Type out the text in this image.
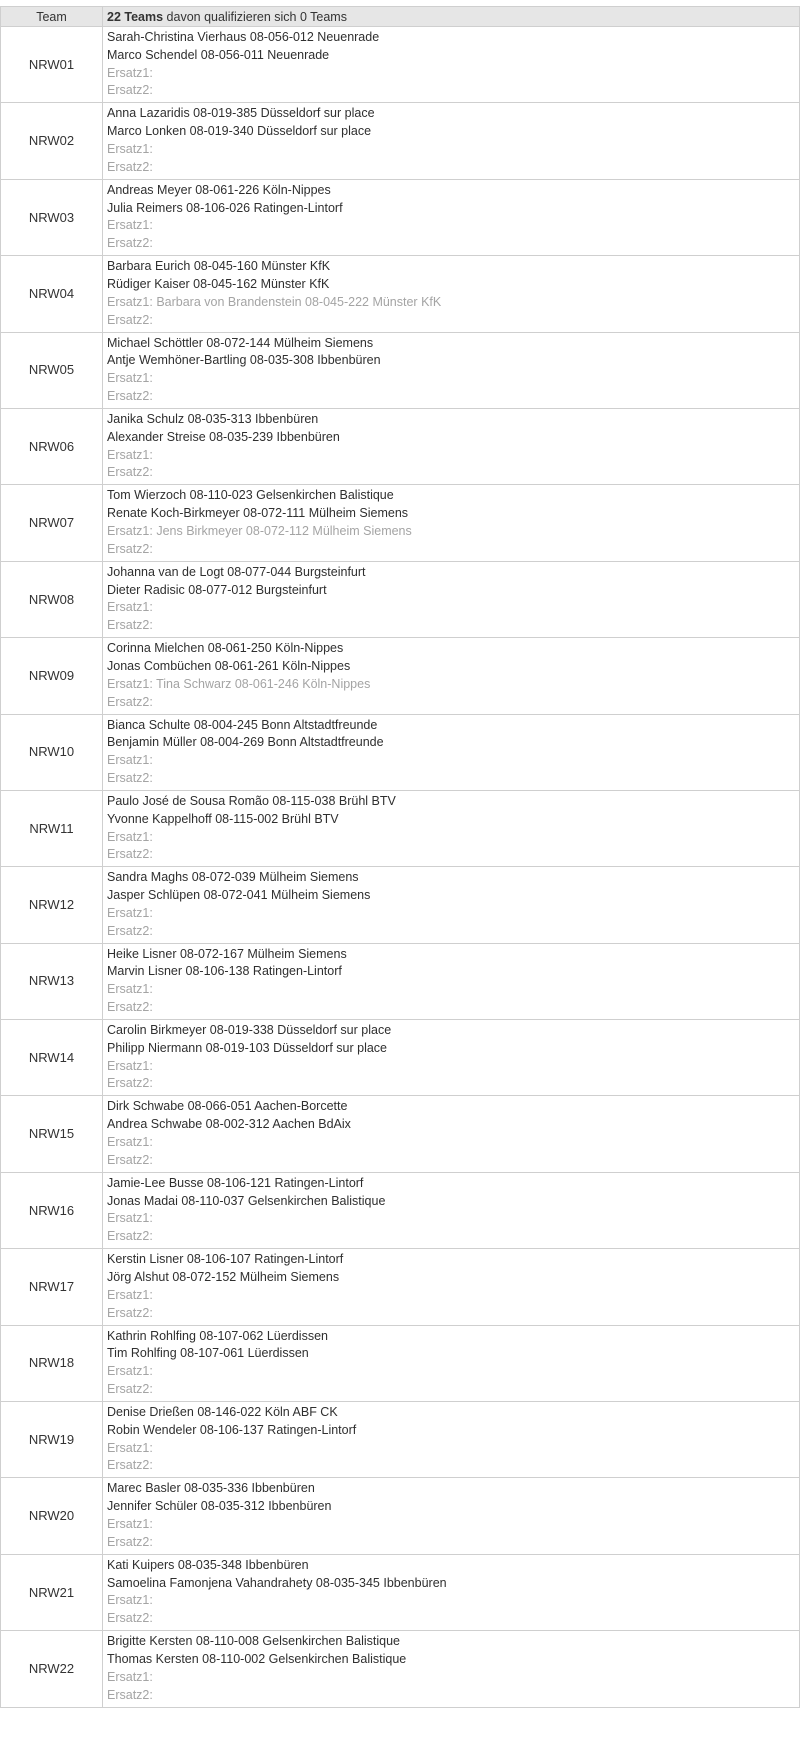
Team	22 Teams davon qualifizieren sich 0 Teams
NRW01	Sarah-Christina Vierhaus 08-056-012 Neuenrade
Marco Schendel 08-056-011 Neuenrade
Ersatz1:
Ersatz2:

NRW02	Anna Lazaridis 08-019-385 Düsseldorf sur place
Marco Lonken 08-019-340 Düsseldorf sur place
Ersatz1:
Ersatz2:

NRW03	Andreas Meyer 08-061-226 Köln-Nippes
Julia Reimers 08-106-026 Ratingen-Lintorf
Ersatz1:
Ersatz2:

NRW04	Barbara Eurich 08-045-160 Münster KfK
Rüdiger Kaiser 08-045-162 Münster KfK
Ersatz1: Barbara von Brandenstein 08-045-222 Münster KfK
Ersatz2:

NRW05	Michael Schöttler 08-072-144 Mülheim Siemens
Antje Wemhöner-Bartling 08-035-308 Ibbenbüren
Ersatz1:
Ersatz2:

NRW06	Janika Schulz 08-035-313 Ibbenbüren
Alexander Streise 08-035-239 Ibbenbüren
Ersatz1:
Ersatz2:

NRW07	Tom Wierzoch 08-110-023 Gelsenkirchen Balistique
Renate Koch-Birkmeyer 08-072-111 Mülheim Siemens
Ersatz1: Jens Birkmeyer 08-072-112 Mülheim Siemens
Ersatz2:

NRW08	Johanna van de Logt 08-077-044 Burgsteinfurt
Dieter Radisic 08-077-012 Burgsteinfurt
Ersatz1:
Ersatz2:

NRW09	Corinna Mielchen 08-061-250 Köln-Nippes
Jonas Combüchen 08-061-261 Köln-Nippes
Ersatz1: Tina Schwarz 08-061-246 Köln-Nippes
Ersatz2:

NRW10	Bianca Schulte 08-004-245 Bonn Altstadtfreunde
Benjamin Müller 08-004-269 Bonn Altstadtfreunde
Ersatz1:
Ersatz2:

NRW11	Paulo José de Sousa Romão 08-115-038 Brühl BTV
Yvonne Kappelhoff 08-115-002 Brühl BTV
Ersatz1:
Ersatz2:

NRW12	Sandra Maghs 08-072-039 Mülheim Siemens
Jasper Schlüpen 08-072-041 Mülheim Siemens
Ersatz1:
Ersatz2:

NRW13	Heike Lisner 08-072-167 Mülheim Siemens
Marvin Lisner 08-106-138 Ratingen-Lintorf
Ersatz1:
Ersatz2:

NRW14	Carolin Birkmeyer 08-019-338 Düsseldorf sur place
Philipp Niermann 08-019-103 Düsseldorf sur place
Ersatz1:
Ersatz2:

NRW15	Dirk Schwabe 08-066-051 Aachen-Borcette
Andrea Schwabe 08-002-312 Aachen BdAix
Ersatz1:
Ersatz2:

NRW16	Jamie-Lee Busse 08-106-121 Ratingen-Lintorf
Jonas Madai 08-110-037 Gelsenkirchen Balistique
Ersatz1:
Ersatz2:

NRW17	Kerstin Lisner 08-106-107 Ratingen-Lintorf
Jörg Alshut 08-072-152 Mülheim Siemens
Ersatz1:
Ersatz2:

NRW18	Kathrin Rohlfing 08-107-062 Lüerdissen
Tim Rohlfing 08-107-061 Lüerdissen
Ersatz1:
Ersatz2:

NRW19	Denise Drießen 08-146-022 Köln ABF CK
Robin Wendeler 08-106-137 Ratingen-Lintorf
Ersatz1:
Ersatz2:

NRW20	Marec Basler 08-035-336 Ibbenbüren
Jennifer Schüler 08-035-312 Ibbenbüren
Ersatz1:
Ersatz2:

NRW21	Kati Kuipers 08-035-348 Ibbenbüren
Samoelina Famonjena Vahandrahety 08-035-345 Ibbenbüren
Ersatz1:
Ersatz2:

NRW22	Brigitte Kersten 08-110-008 Gelsenkirchen Balistique
Thomas Kersten 08-110-002 Gelsenkirchen Balistique
Ersatz1:
Ersatz2:
